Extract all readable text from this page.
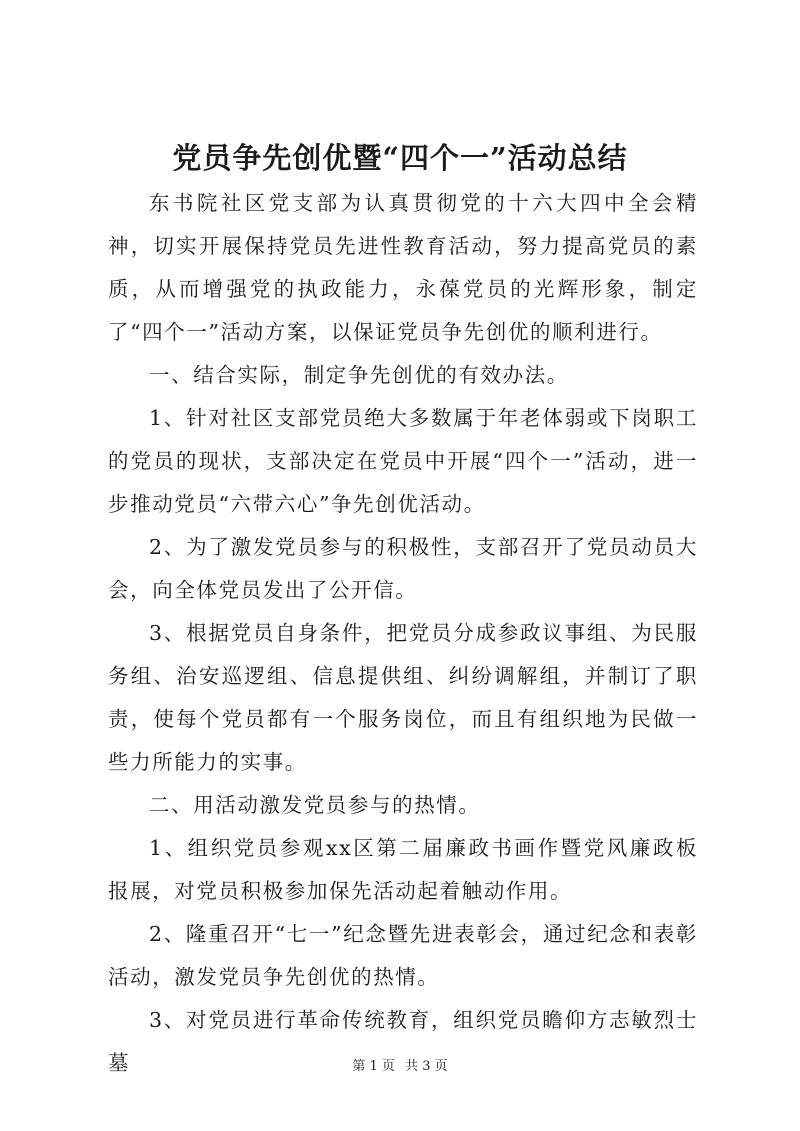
党员争先创优暨“四个一”活动总结

东书院社区党支部为认真贯彻党的十六大四中全会精神，切实开展保持党员先进性教育活动，努力提高党员的素质，从而增强党的执政能力，永葆党员的光辉形象，制定了“四个一”活动方案，以保证党员争先创优的顺利进行。

一、结合实际，制定争先创优的有效办法。

1、针对社区支部党员绝大多数属于年老体弱或下岗职工的党员的现状，支部决定在党员中开展“四个一”活动，进一步推动党员“六带六心”争先创优活动。

2、为了激发党员参与的积极性，支部召开了党员动员大会，向全体党员发出了公开信。

3、根据党员自身条件，把党员分成参政议事组、为民服务组、治安巡逻组、信息提供组、纠纷调解组，并制订了职责，使每个党员都有一个服务岗位，而且有组织地为民做一些力所能力的实事。

二、用活动激发党员参与的热情。

1、组织党员参观xx区第二届廉政书画作暨党风廉政板报展，对党员积极参加保先活动起着触动作用。

2、隆重召开“七一”纪念暨先进表彰会，通过纪念和表彰活动，激发党员争先创优的热情。

3、对党员进行革命传统教育，组织党员瞻仰方志敏烈士墓	第 1 页 共 3 页
